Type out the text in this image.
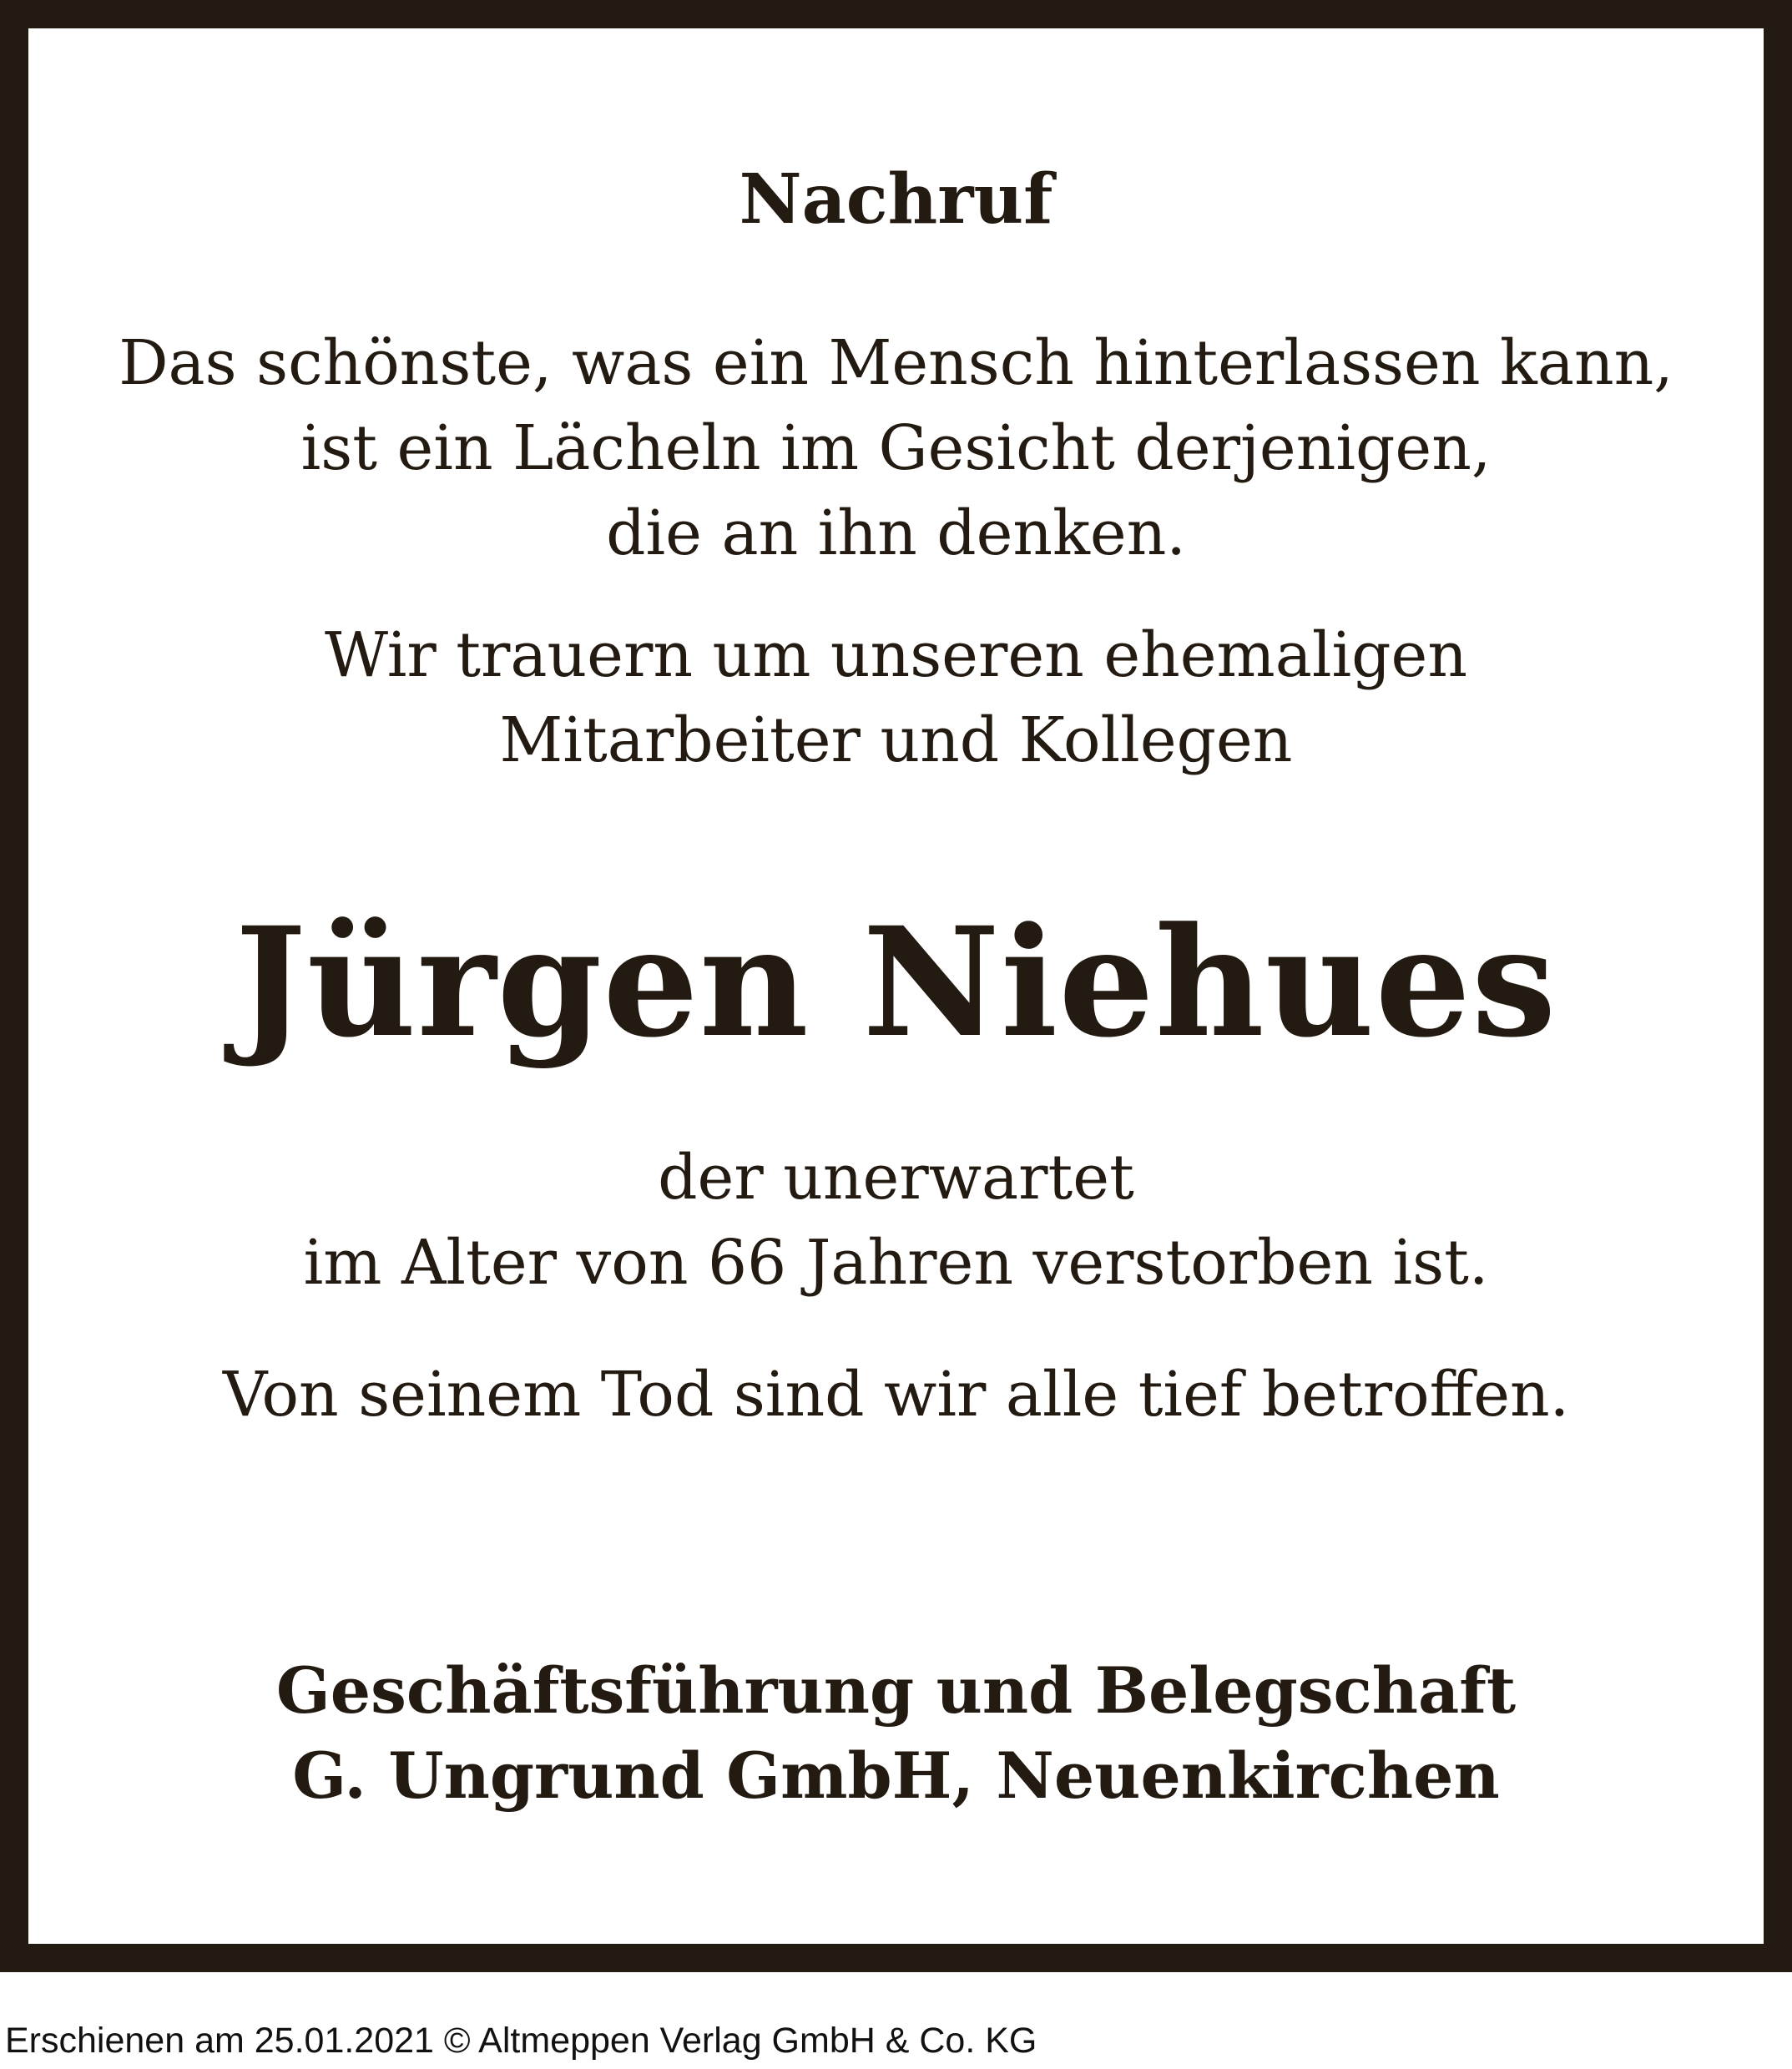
Nachruf
Das schönste, was ein Mensch hinterlassen kann,
ist ein Lächeln im Gesicht derjenigen,
die an ihn denken.
Wir trauern um unseren ehemaligen
Mitarbeiter und Kollegen
Jürgen Niehues
der unerwartet
im Alter von 66 Jahren verstorben ist.
Von seinem Tod sind wir alle tief betroffen.
Geschäftsführung und Belegschaft
G. Ungrund GmbH, Neuenkirchen
Erschienen am 25.01.2021 © Altmeppen Verlag GmbH & Co. KG
